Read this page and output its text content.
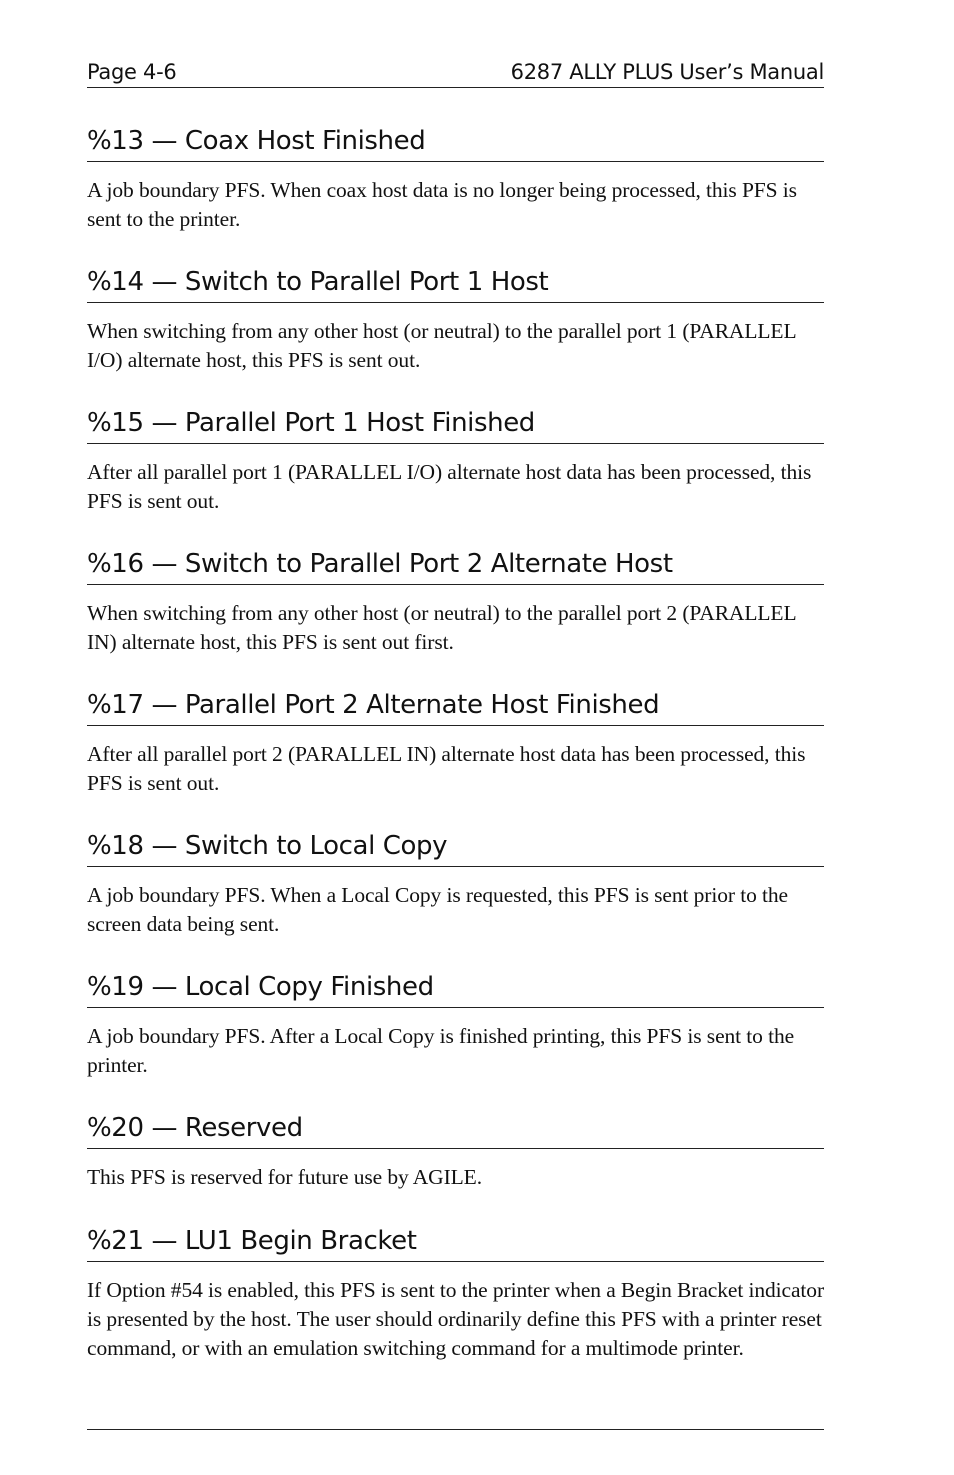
Page 4-6	6287 ALLY PLUS User’s Manual
%13 — Coax Host Finished

A job boundary PFS. When coax host data is no longer being processed, this PFS is sent to the printer.

%14 — Switch to Parallel Port 1 Host

When switching from any other host (or neutral) to the parallel port 1 (PARALLEL I/O) alternate host, this PFS is sent out.

%15 — Parallel Port 1 Host Finished

After all parallel port 1 (PARALLEL I/O) alternate host data has been processed, this PFS is sent out.

%16 — Switch to Parallel Port 2 Alternate Host

When switching from any other host (or neutral) to the parallel port 2 (PARALLEL IN) alternate host, this PFS is sent out first.

%17 — Parallel Port 2 Alternate Host Finished

After all parallel port 2 (PARALLEL IN) alternate host data has been processed, this PFS is sent out.

%18 — Switch to Local Copy

A job boundary PFS. When a Local Copy is requested, this PFS is sent prior to the screen data being sent.

%19 — Local Copy Finished

A job boundary PFS. After a Local Copy is finished printing, this PFS is sent to the printer.

%20 — Reserved

This PFS is reserved for future use by AGILE.

%21 — LU1 Begin Bracket

If Option #54 is enabled, this PFS is sent to the printer when a Begin Bracket indicator is presented by the host. The user should ordinarily define this PFS with a printer reset command, or with an emulation switching command for a multimode printer.
